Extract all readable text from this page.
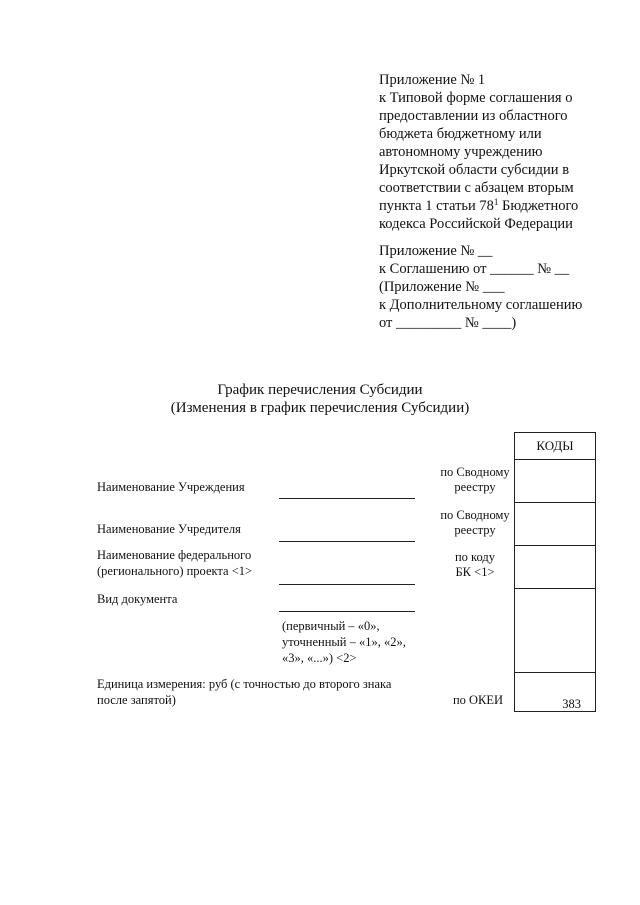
Приложение № 1
к Типовой форме соглашения о
предоставлении из областного
бюджета бюджетному или
автономному учреждению
Иркутской области субсидии в
соответствии с абзацем вторым
пункта 1 статьи $78^1$ Бюджетного
кодекса Российской Федерации
Приложение № __
к Соглашению от ______ № __
(Приложение № ___
к Дополнительному соглашению
от _________ № ____)
График перечисления Субсидии
(Изменения в график перечисления Субсидии)
Наименование Учреждения
Наименование Учредителя
Наименование федерального
(регионального) проекта <1>
Вид документа
(первичный – «0»,
уточненный – «1», «2»,
«3», «...») <2>
Единица измерения: руб (с точностью до второго знака
после запятой)
по Сводному
реестру
по Сводному
реестру
по коду
БК <1>
по ОКЕИ
КОДЫ
383
